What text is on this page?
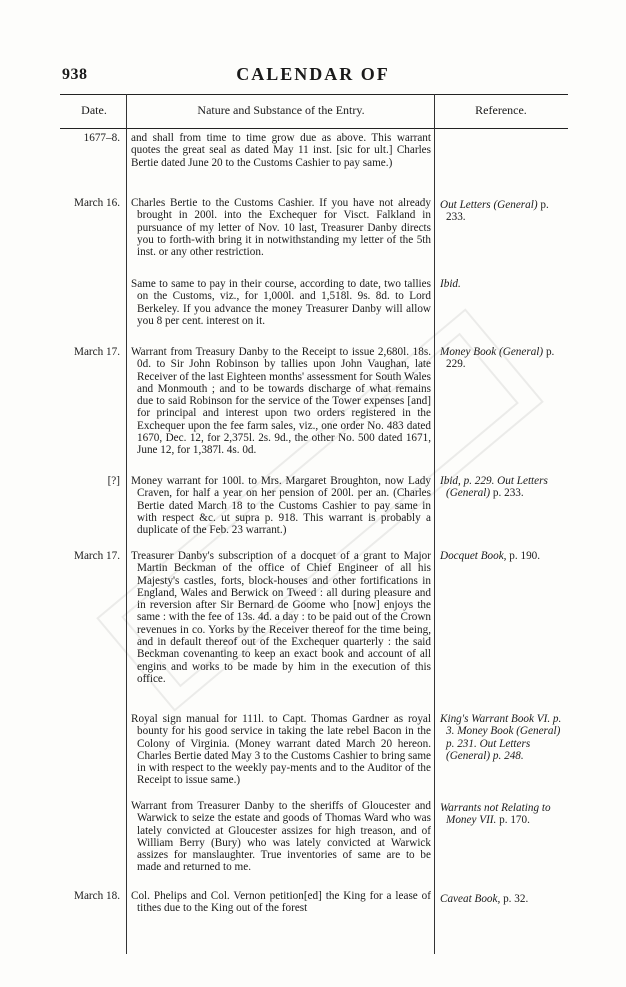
938	CALENDAR OF
Date.	Nature and Substance of the Entry.	Reference.
1677–8. and shall from time to time grow due as above. This warrant quotes the great seal as dated May 11 inst. [sic for ult.] Charles Bertie dated June 20 to the Customs Cashier to pay same.)
March 16. Charles Bertie to the Customs Cashier. If you have not already brought in 200l. into the Exchequer for Visct. Falkland in pursuance of my letter of Nov. 10 last, Treasurer Danby directs you to forth-with bring it in notwithstanding my letter of the 5th inst. or any other restriction.
Out Letters (General) p. 233.
Same to same to pay in their course, according to date, two tallies on the Customs, viz., for 1,000l. and 1,518l. 9s. 8d. to Lord Berkeley. If you advance the money Treasurer Danby will allow you 8 per cent. interest on it.
Ibid.
March 17. Warrant from Treasury Danby to the Receipt to issue 2,680l. 18s. 0d. to Sir John Robinson by tallies upon John Vaughan, late Receiver of the last Eighteen months' assessment for South Wales and Monmouth ; and to be towards discharge of what remains due to said Robinson for the service of the Tower expenses [and] for principal and interest upon two orders registered in the Exchequer upon the fee farm sales, viz., one order No. 483 dated 1670, Dec. 12, for 2,375l. 2s. 9d., the other No. 500 dated 1671, June 12, for 1,387l. 4s. 0d.
Money Book (General) p. 229.
[?] Money warrant for 100l. to Mrs. Margaret Broughton, now Lady Craven, for half a year on her pension of 200l. per an. (Charles Bertie dated March 18 to the Customs Cashier to pay same in with respect &c. ut supra p. 918. This warrant is probably a duplicate of the Feb. 23 warrant.)
Ibid, p. 229. Out Letters (General) p. 233.
March 17. Treasurer Danby's subscription of a docquet of a grant to Major Martin Beckman of the office of Chief Engineer of all his Majesty's castles, forts, block-houses and other fortifications in England, Wales and Berwick on Tweed : all during pleasure and in reversion after Sir Bernard de Goome who [now] enjoys the same : with the fee of 13s. 4d. a day : to be paid out of the Crown revenues in co. Yorks by the Receiver thereof for the time being, and in default thereof out of the Exchequer quarterly : the said Beckman covenanting to keep an exact book and account of all engins and works to be made by him in the execution of this office.
Docquet Book, p. 190.
Royal sign manual for 111l. to Capt. Thomas Gardner as royal bounty for his good service in taking the late rebel Bacon in the Colony of Virginia. (Money warrant dated March 20 hereon. Charles Bertie dated May 3 to the Customs Cashier to bring same in with respect to the weekly pay-ments and to the Auditor of the Receipt to issue same.)
King's Warrant Book VI. p. 3. Money Book (General) p. 231. Out Letters (General) p. 248.
Warrant from Treasurer Danby to the sheriffs of Gloucester and Warwick to seize the estate and goods of Thomas Ward who was lately convicted at Gloucester assizes for high treason, and of William Berry (Bury) who was lately convicted at Warwick assizes for manslaughter. True inventories of same are to be made and returned to me.
Warrants not Relating to Money VII. p. 170.
March 18. Col. Phelips and Col. Vernon petition[ed] the King for a lease of tithes due to the King out of the forest
Caveat Book, p. 32.
